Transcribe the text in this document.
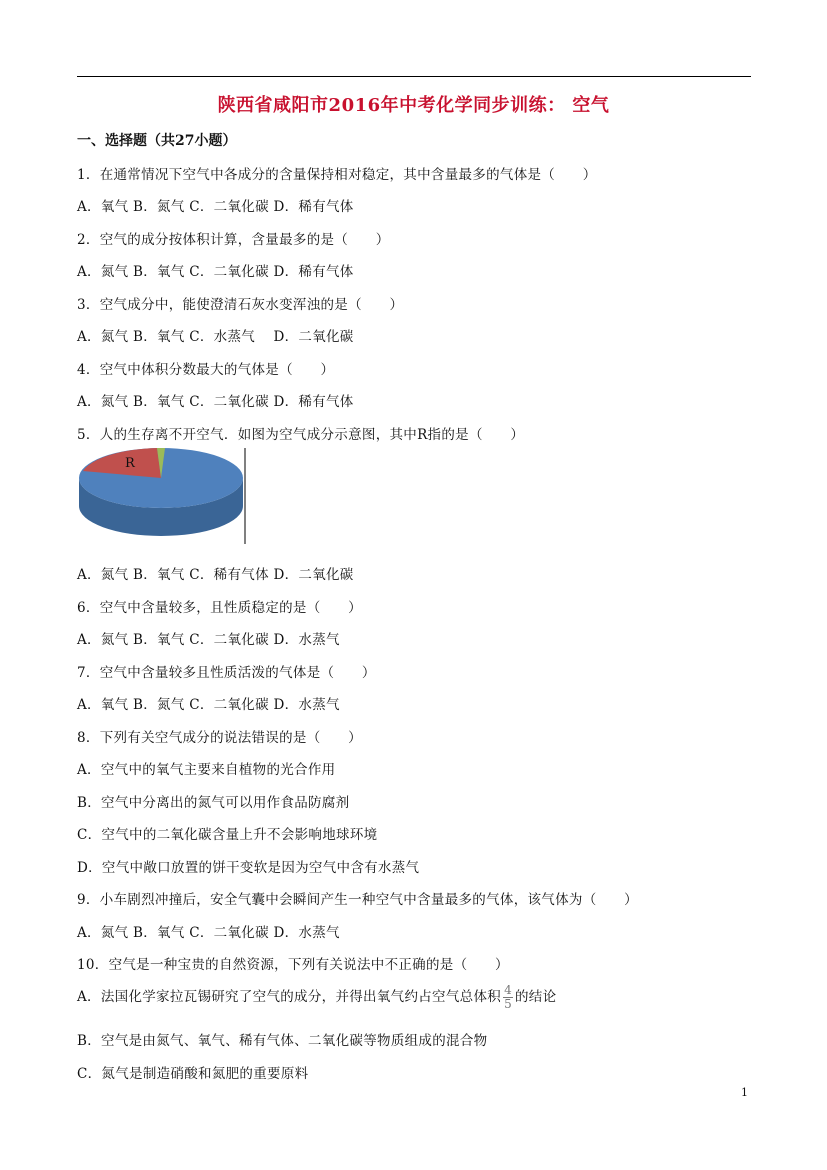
陕西省咸阳市2016年中考化学同步训练： 空气
一、选择题（共27小题）
1．在通常情况下空气中各成分的含量保持相对稳定，其中含量最多的气体是（　　）
A．氧气 B．氮气 C．二氧化碳 D．稀有气体
2．空气的成分按体积计算，含量最多的是（　　）
A．氮气 B．氧气 C．二氧化碳 D．稀有气体
3．空气成分中，能使澄清石灰水变浑浊的是（　　）
A．氮气 B．氧气 C．水蒸气　 D．二氧化碳
4．空气中体积分数最大的气体是（　　）
A．氮气 B．氧气 C．二氧化碳 D．稀有气体
5．人的生存离不开空气．如图为空气成分示意图，其中R指的是（　　）
R
A．氮气 B．氧气 C．稀有气体 D．二氧化碳
6．空气中含量较多，且性质稳定的是（　　）
A．氮气 B．氧气 C．二氧化碳 D．水蒸气
7．空气中含量较多且性质活泼的气体是（　　）
A．氧气 B．氮气 C．二氧化碳 D．水蒸气
8．下列有关空气成分的说法错误的是（　　）
A．空气中的氧气主要来自植物的光合作用
B．空气中分离出的氮气可以用作食品防腐剂
C．空气中的二氧化碳含量上升不会影响地球环境
D．空气中敞口放置的饼干变软是因为空气中含有水蒸气
9．小车剧烈冲撞后，安全气囊中会瞬间产生一种空气中含量最多的气体，该气体为（　　）
A．氮气 B．氧气 C．二氧化碳 D．水蒸气
10．空气是一种宝贵的自然资源，下列有关说法中不正确的是（　　）
A．法国化学家拉瓦锡研究了空气的成分，并得出氧气约占空气总体积 $\frac{4}{5}$ 的结论
B．空气是由氮气、氧气、稀有气体、二氧化碳等物质组成的混合物
C．氮气是制造硝酸和氮肥的重要原料
1
